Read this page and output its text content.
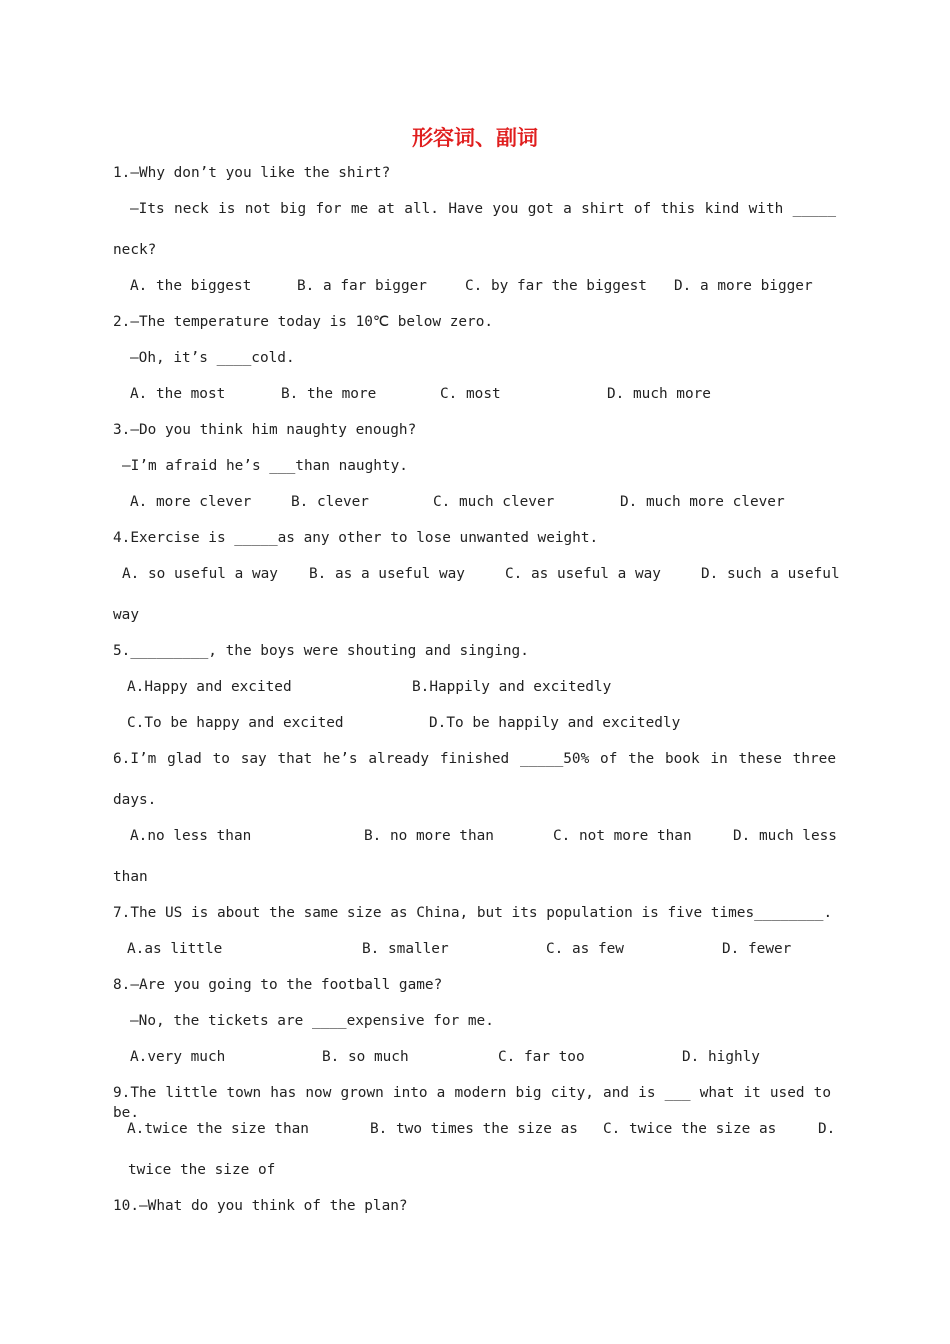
形容词、副词
1.—Why don’t you like the shirt?
—Its neck is not big for me at all. Have you got a shirt of this kind with _____
neck?
A. the biggest	B. a far bigger	C. by far the biggest D. a more bigger
2.—The temperature today is 10℃ below zero.
—Oh, it’s ____cold.
A. the most	B. the more	C. most	D. much more
3.—Do you think him naughty enough?
—I’m afraid he’s ___than naughty.
A. more clever	B. clever	C. much clever	D. much more clever
4.Exercise is _____as any other to lose unwanted weight.
A. so useful a way B. as a useful way	C. as useful a way	D. such a useful
way
5._________, the boys were shouting and singing.
A.Happy and excited	B.Happily and excitedly
C.To be happy and excited	D.To be happily and excitedly
6.I’m glad to say that he’s already finished _____50% of the book in these three
days.
A.no less than	B. no more than	C. not more than	D. much less
than
7.The US is about the same size as China, but its population is five times________.
A.as little	B. smaller	C. as few	D. fewer
8.—Are you going to the football game?
—No, the tickets are ____expensive for me.
A.very much	B. so much	C. far too	D. highly
9.The little town has now grown into a modern big city, and is ___ what it used to be.
A.twice the size than	B. two times the size as C. twice the size as	D.
twice the size of
10.—What do you think of the plan?
